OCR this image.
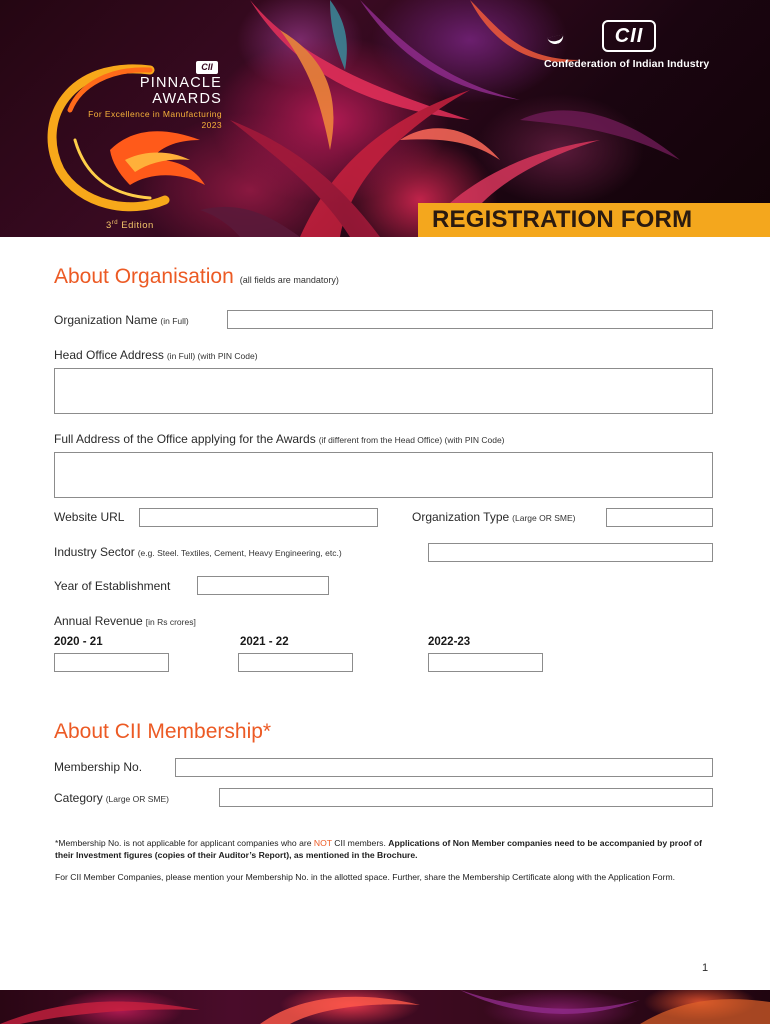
CII
Confederation of Indian Industry
CII
PINNACLE
AWARDS
For Excellence in Manufacturing
2023
3rd Edition	REGISTRATION FORM
About Organisation (all fields are mandatory)
Organization Name (in Full)
Head Office Address (in Full) (with PIN Code)
Full Address of the Office applying for the Awards (if different from the Head Office) (with PIN Code)
Website URL	Organization Type (Large OR SME)
Industry Sector (e.g. Steel. Textiles, Cement, Heavy Engineering, etc.)
Year of Establishment
Annual Revenue [in Rs crores]
2020 - 21	2021 - 22	2022-23
About CII Membership*
Membership No.
Category (Large OR SME)
*Membership No. is not applicable for applicant companies who are NOT CII members. Applications of Non Member companies need to be accompanied by proof of their Investment figures (copies of their Auditor’s Report), as mentioned in the Brochure.
For CII Member Companies, please mention your Membership No. in the allotted space. Further, share the Membership Certificate along with the Application Form.
1
